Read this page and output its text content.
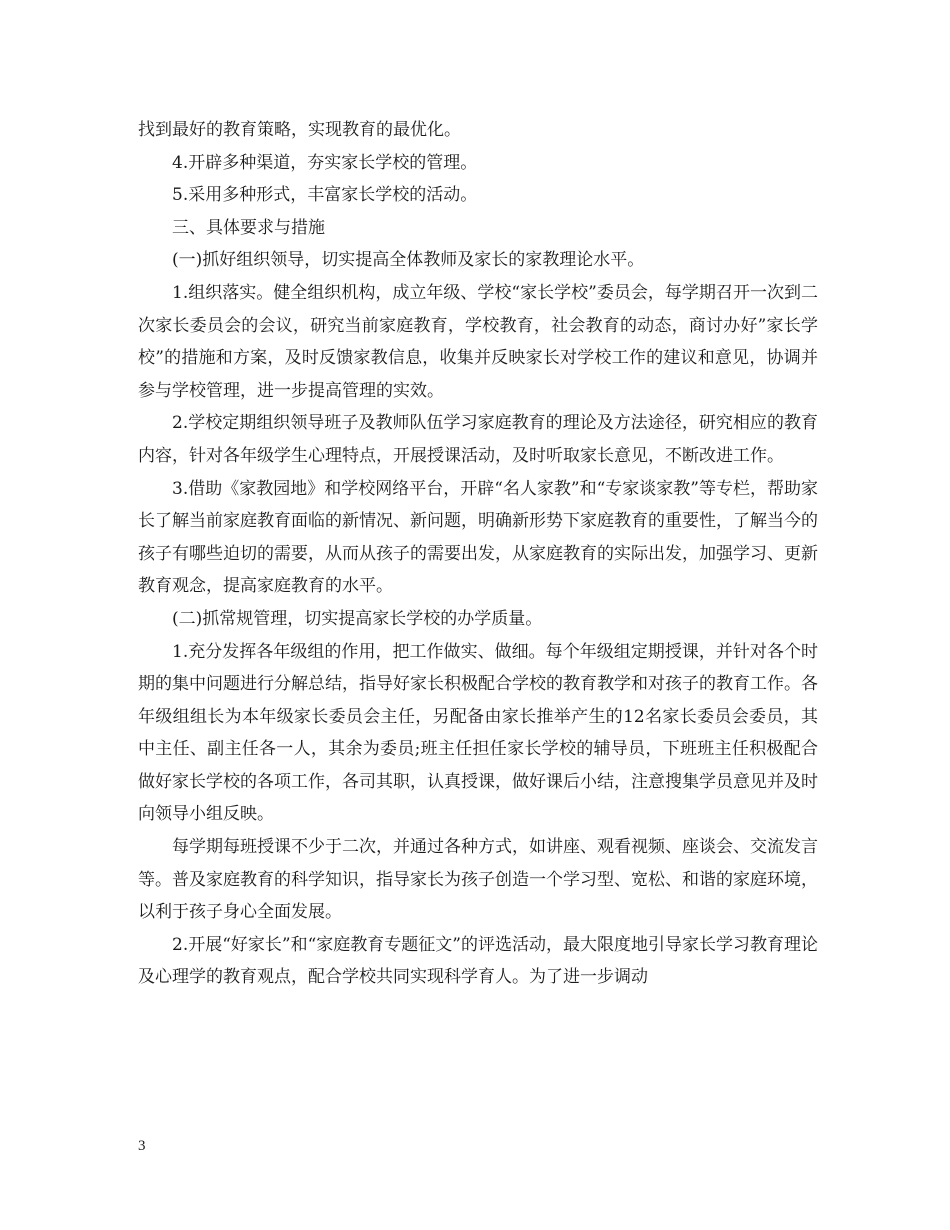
找到最好的教育策略，实现教育的最优化。

4.开辟多种渠道，夯实家长学校的管理。

5.采用多种形式，丰富家长学校的活动。

三、具体要求与措施

(一)抓好组织领导，切实提高全体教师及家长的家教理论水平。

1.组织落实。健全组织机构，成立年级、学校“家长学校”委员会，每学期召开一次到二次家长委员会的会议，研究当前家庭教育，学校教育，社会教育的动态，商讨办好”家长学校”的措施和方案，及时反馈家教信息，收集并反映家长对学校工作的建议和意见，协调并参与学校管理，进一步提高管理的实效。

2.学校定期组织领导班子及教师队伍学习家庭教育的理论及方法途径，研究相应的教育内容，针对各年级学生心理特点，开展授课活动，及时听取家长意见，不断改进工作。

3.借助《家教园地》和学校网络平台，开辟“名人家教”和“专家谈家教”等专栏，帮助家长了解当前家庭教育面临的新情况、新问题，明确新形势下家庭教育的重要性，了解当今的孩子有哪些迫切的需要，从而从孩子的需要出发，从家庭教育的实际出发，加强学习、更新教育观念，提高家庭教育的水平。

(二)抓常规管理，切实提高家长学校的办学质量。

1.充分发挥各年级组的作用，把工作做实、做细。每个年级组定期授课，并针对各个时期的集中问题进行分解总结，指导好家长积极配合学校的教育教学和对孩子的教育工作。各年级组组长为本年级家长委员会主任，另配备由家长推举产生的12名家长委员会委员，其中主任、副主任各一人，其余为委员;班主任担任家长学校的辅导员，下班班主任积极配合做好家长学校的各项工作，各司其职，认真授课，做好课后小结，注意搜集学员意见并及时向领导小组反映。

每学期每班授课不少于二次，并通过各种方式，如讲座、观看视频、座谈会、交流发言等。普及家庭教育的科学知识，指导家长为孩子创造一个学习型、宽松、和谐的家庭环境，以利于孩子身心全面发展。

2.开展“好家长”和“家庭教育专题征文”的评选活动，最大限度地引导家长学习教育理论及心理学的教育观点，配合学校共同实现科学育人。为了进一步调动

3
